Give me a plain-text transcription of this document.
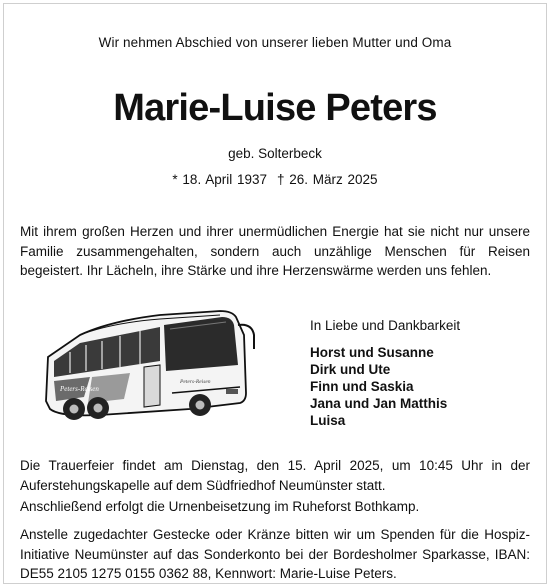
Wir nehmen Abschied von unserer lieben Mutter und Oma
Marie-Luise Peters
geb. Solterbeck
* 18. April 1937 † 26. März 2025
Mit ihrem großen Herzen und ihrer unermüdlichen Energie hat sie nicht nur unsere Familie zusammengehalten, sondern auch unzählige Menschen für Reisen begeistert. Ihr Lächeln, ihre Stärke und ihre Herzenswärme werden uns fehlen.
Peters-Reisen
Peters-Reisen
In Liebe und Dankbarkeit
Horst und Susanne
Dirk und Ute
Finn und Saskia
Jana und Jan Matthis
Luisa
Die Trauerfeier findet am Dienstag, den 15. April 2025, um 10:45 Uhr in der Auferstehungskapelle auf dem Südfriedhof Neumünster statt.
Anschließend erfolgt die Urnenbeisetzung im Ruheforst Bothkamp.
Anstelle zugedachter Gestecke oder Kränze bitten wir um Spenden für die Hospiz-Initiative Neumünster auf das Sonderkonto bei der Bordesholmer Sparkasse, IBAN: DE55 2105 1275 0155 0362 88, Kennwort: Marie-Luise Peters.
